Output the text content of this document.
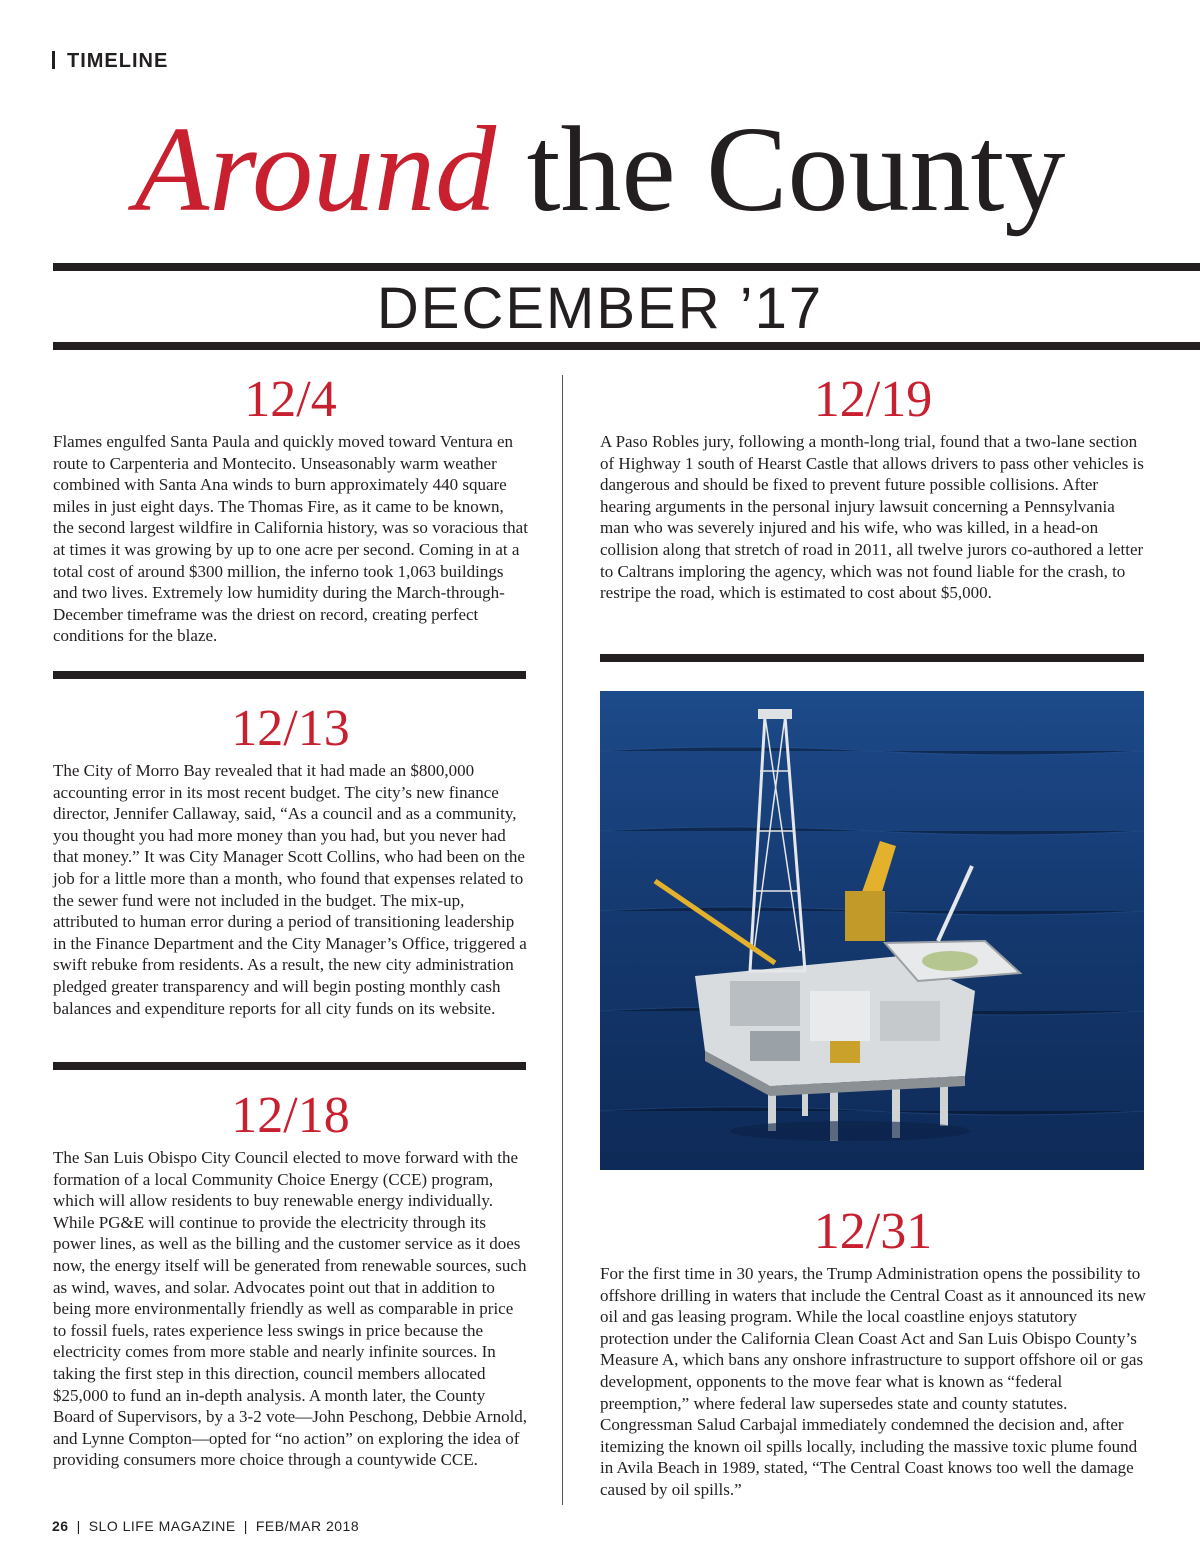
TIMELINE
Around the County
DECEMBER ’17
12/4
Flames engulfed Santa Paula and quickly moved toward Ventura en route to Carpenteria and Montecito. Unseasonably warm weather combined with Santa Ana winds to burn approximately 440 square miles in just eight days. The Thomas Fire, as it came to be known, the second largest wildfire in California history, was so voracious that at times it was growing by up to one acre per second. Coming in at a total cost of around $300 million, the inferno took 1,063 buildings and two lives. Extremely low humidity during the March-through-December timeframe was the driest on record, creating perfect conditions for the blaze.
12/13
The City of Morro Bay revealed that it had made an $800,000 accounting error in its most recent budget. The city’s new finance director, Jennifer Callaway, said, “As a council and as a community, you thought you had more money than you had, but you never had that money.” It was City Manager Scott Collins, who had been on the job for a little more than a month, who found that expenses related to the sewer fund were not included in the budget. The mix-up, attributed to human error during a period of transitioning leadership in the Finance Department and the City Manager’s Office, triggered a swift rebuke from residents. As a result, the new city administration pledged greater transparency and will begin posting monthly cash balances and expenditure reports for all city funds on its website.
12/18
The San Luis Obispo City Council elected to move forward with the formation of a local Community Choice Energy (CCE) program, which will allow residents to buy renewable energy individually. While PG&E will continue to provide the electricity through its power lines, as well as the billing and the customer service as it does now, the energy itself will be generated from renewable sources, such as wind, waves, and solar. Advocates point out that in addition to being more environmentally friendly as well as comparable in price to fossil fuels, rates experience less swings in price because the electricity comes from more stable and nearly infinite sources. In taking the first step in this direction, council members allocated $25,000 to fund an in-depth analysis. A month later, the County Board of Supervisors, by a 3-2 vote—John Peschong, Debbie Arnold, and Lynne Compton—opted for “no action” on exploring the idea of providing consumers more choice through a countywide CCE.
12/19
A Paso Robles jury, following a month-long trial, found that a two-lane section of Highway 1 south of Hearst Castle that allows drivers to pass other vehicles is dangerous and should be fixed to prevent future possible collisions. After hearing arguments in the personal injury lawsuit concerning a Pennsylvania man who was severely injured and his wife, who was killed, in a head-on collision along that stretch of road in 2011, all twelve jurors co-authored a letter to Caltrans imploring the agency, which was not found liable for the crash, to restripe the road, which is estimated to cost about $5,000.
12/31
For the first time in 30 years, the Trump Administration opens the possibility to offshore drilling in waters that include the Central Coast as it announced its new oil and gas leasing program. While the local coastline enjoys statutory protection under the California Clean Coast Act and San Luis Obispo County’s Measure A, which bans any onshore infrastructure to support offshore oil or gas development, opponents to the move fear what is known as “federal preemption,” where federal law supersedes state and county statutes. Congressman Salud Carbajal immediately condemned the decision and, after itemizing the known oil spills locally, including the massive toxic plume found in Avila Beach in 1989, stated, “The Central Coast knows too well the damage caused by oil spills.”
26 | SLO LIFE MAGAZINE | FEB/MAR 2018
